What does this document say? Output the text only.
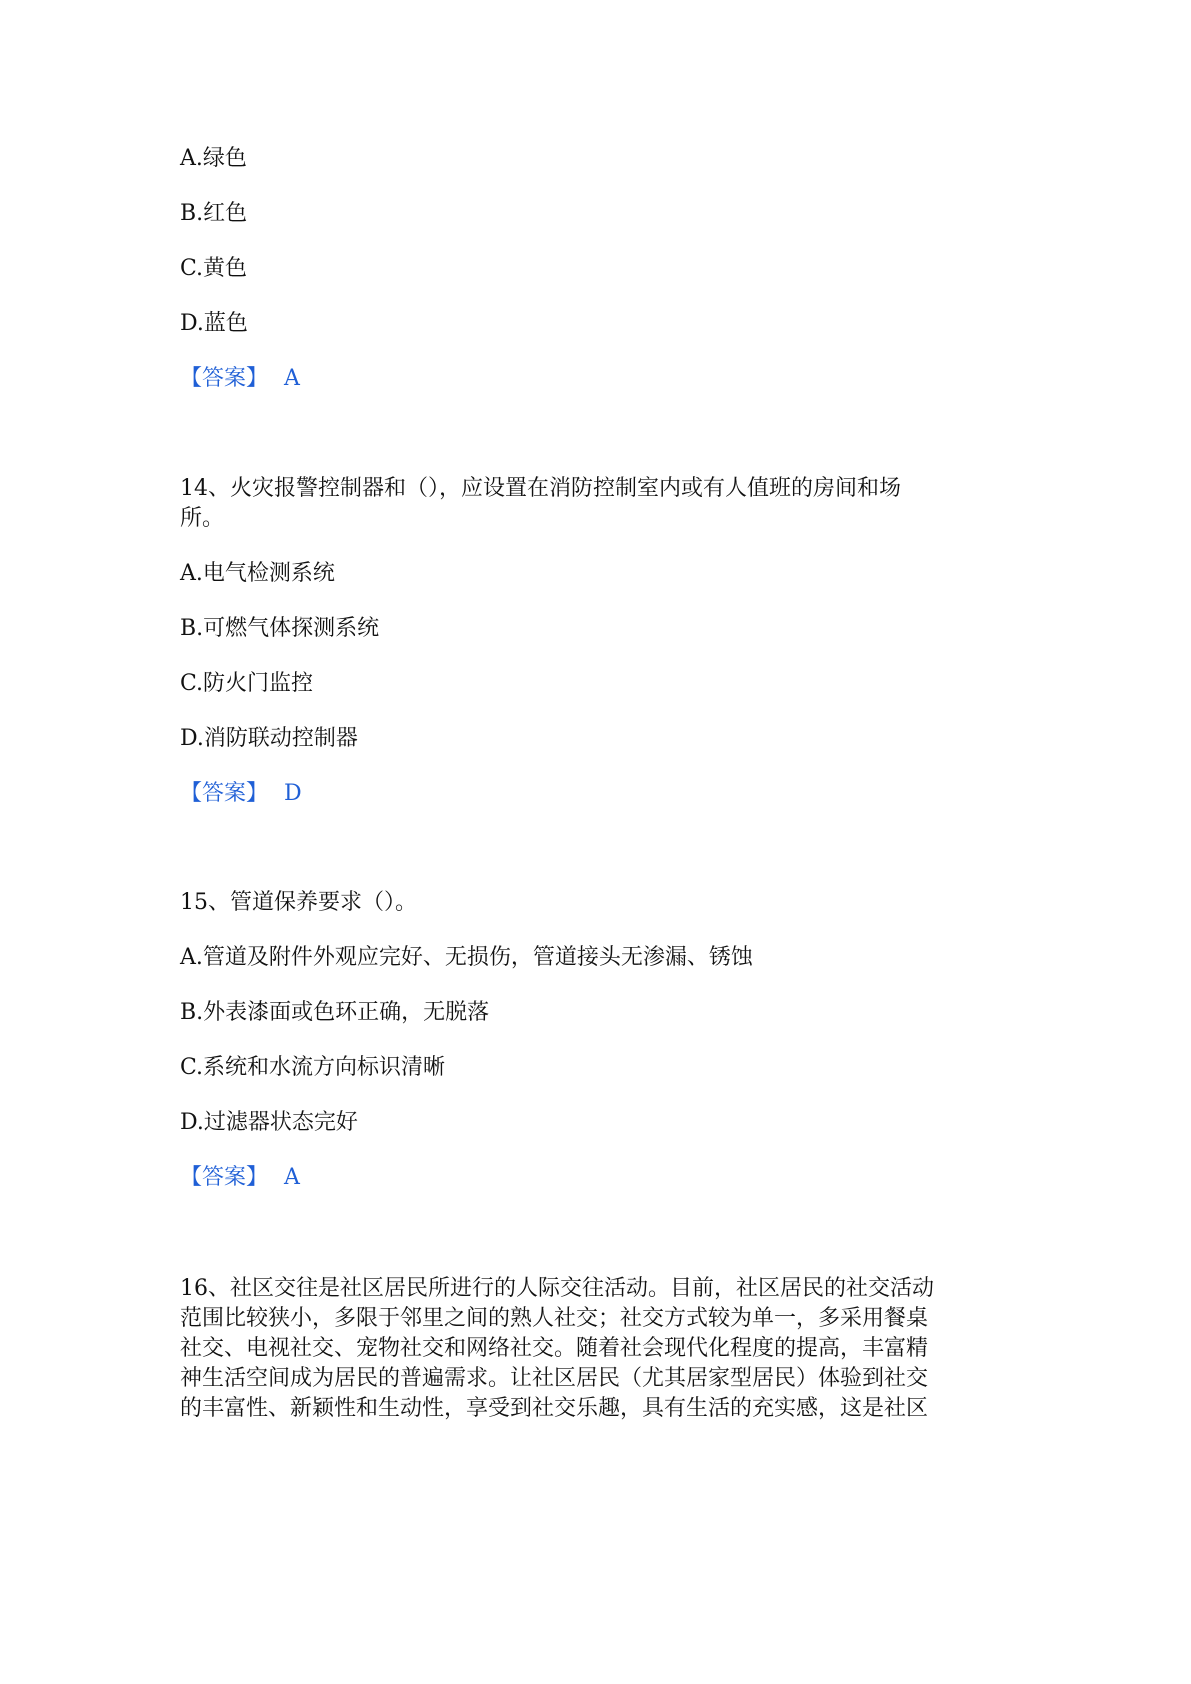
A.绿色
B.红色
C.黄色
D.蓝色
【答案】 A
14、火灾报警控制器和（），应设置在消防控制室内或有人值班的房间和场
所。
A.电气检测系统
B.可燃气体探测系统
C.防火门监控
D.消防联动控制器
【答案】 D
15、管道保养要求（）。
A.管道及附件外观应完好、无损伤，管道接头无渗漏、锈蚀
B.外表漆面或色环正确，无脱落
C.系统和水流方向标识清晰
D.过滤器状态完好
【答案】 A
16、社区交往是社区居民所进行的人际交往活动。目前，社区居民的社交活动
范围比较狭小，多限于邻里之间的熟人社交；社交方式较为单一，多采用餐桌
社交、电视社交、宠物社交和网络社交。随着社会现代化程度的提高，丰富精
神生活空间成为居民的普遍需求。让社区居民（尤其居家型居民）体验到社交
的丰富性、新颖性和生动性，享受到社交乐趣，具有生活的充实感，这是社区
